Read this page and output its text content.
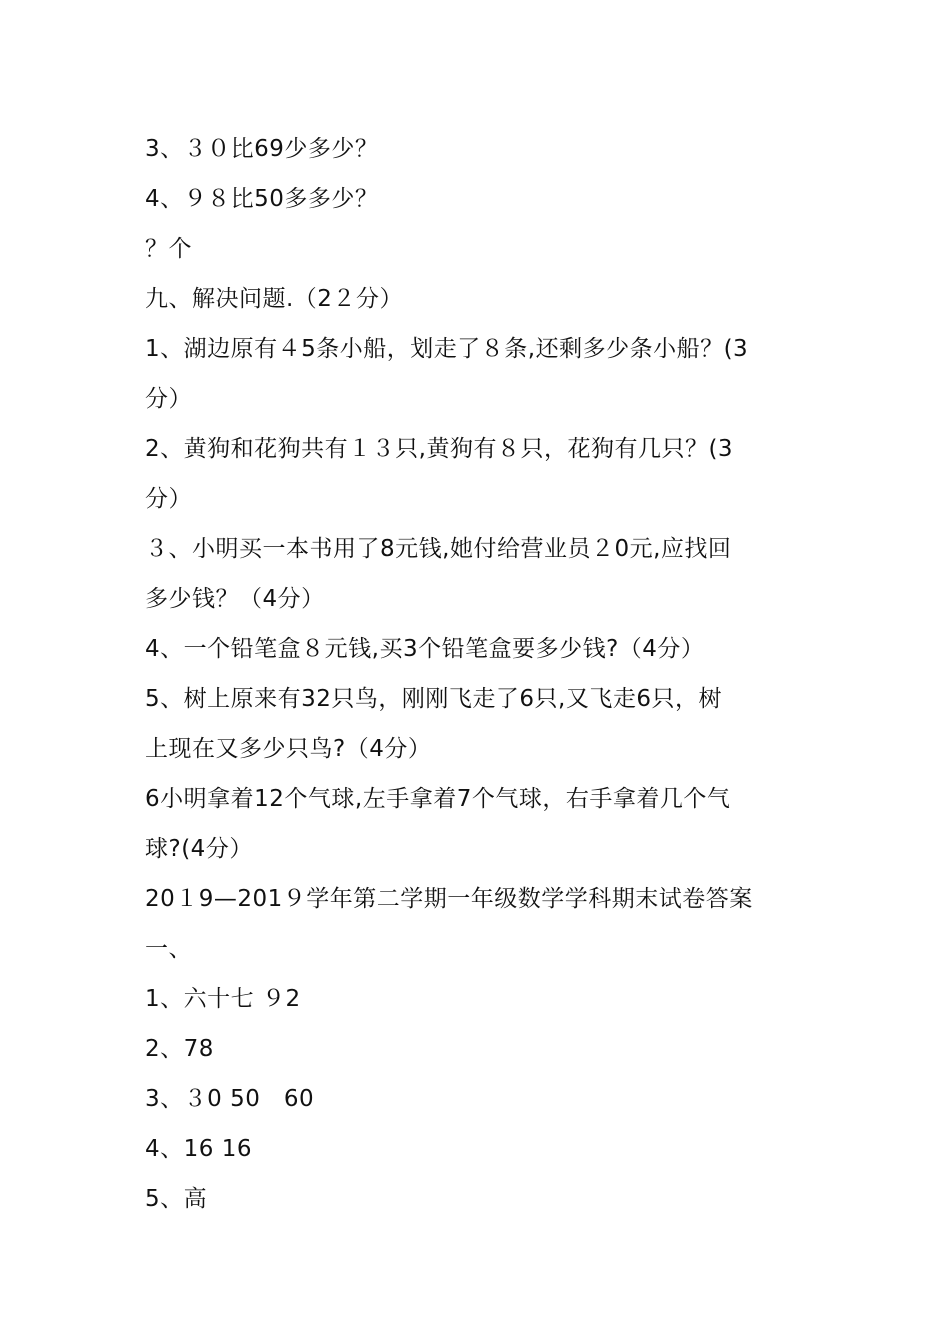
3、３０比69少多少？
4、９８比50多多少？
？个
九、解决问题.（2２分）
1、湖边原有４5条小船，划走了８条,还剩多少条小船？(3
分）
2、黄狗和花狗共有１３只,黄狗有８只，花狗有几只？(3
分）
３、小明买一本书用了8元钱,她付给营业员２0元,应找回
多少钱？（4分）
4、一个铅笔盒８元钱,买3个铅笔盒要多少钱?（4分）
5、树上原来有32只鸟，刚刚飞走了6只,又飞走6只，树
上现在又多少只鸟?（4分）
6小明拿着12个气球,左手拿着7个气球，右手拿着几个气
球?(4分）
20１9—201９学年第二学期一年级数学学科期末试卷答案
一、
1、六十七 ９2
2、78
3、３0 50　60
4、16 16
5、高
